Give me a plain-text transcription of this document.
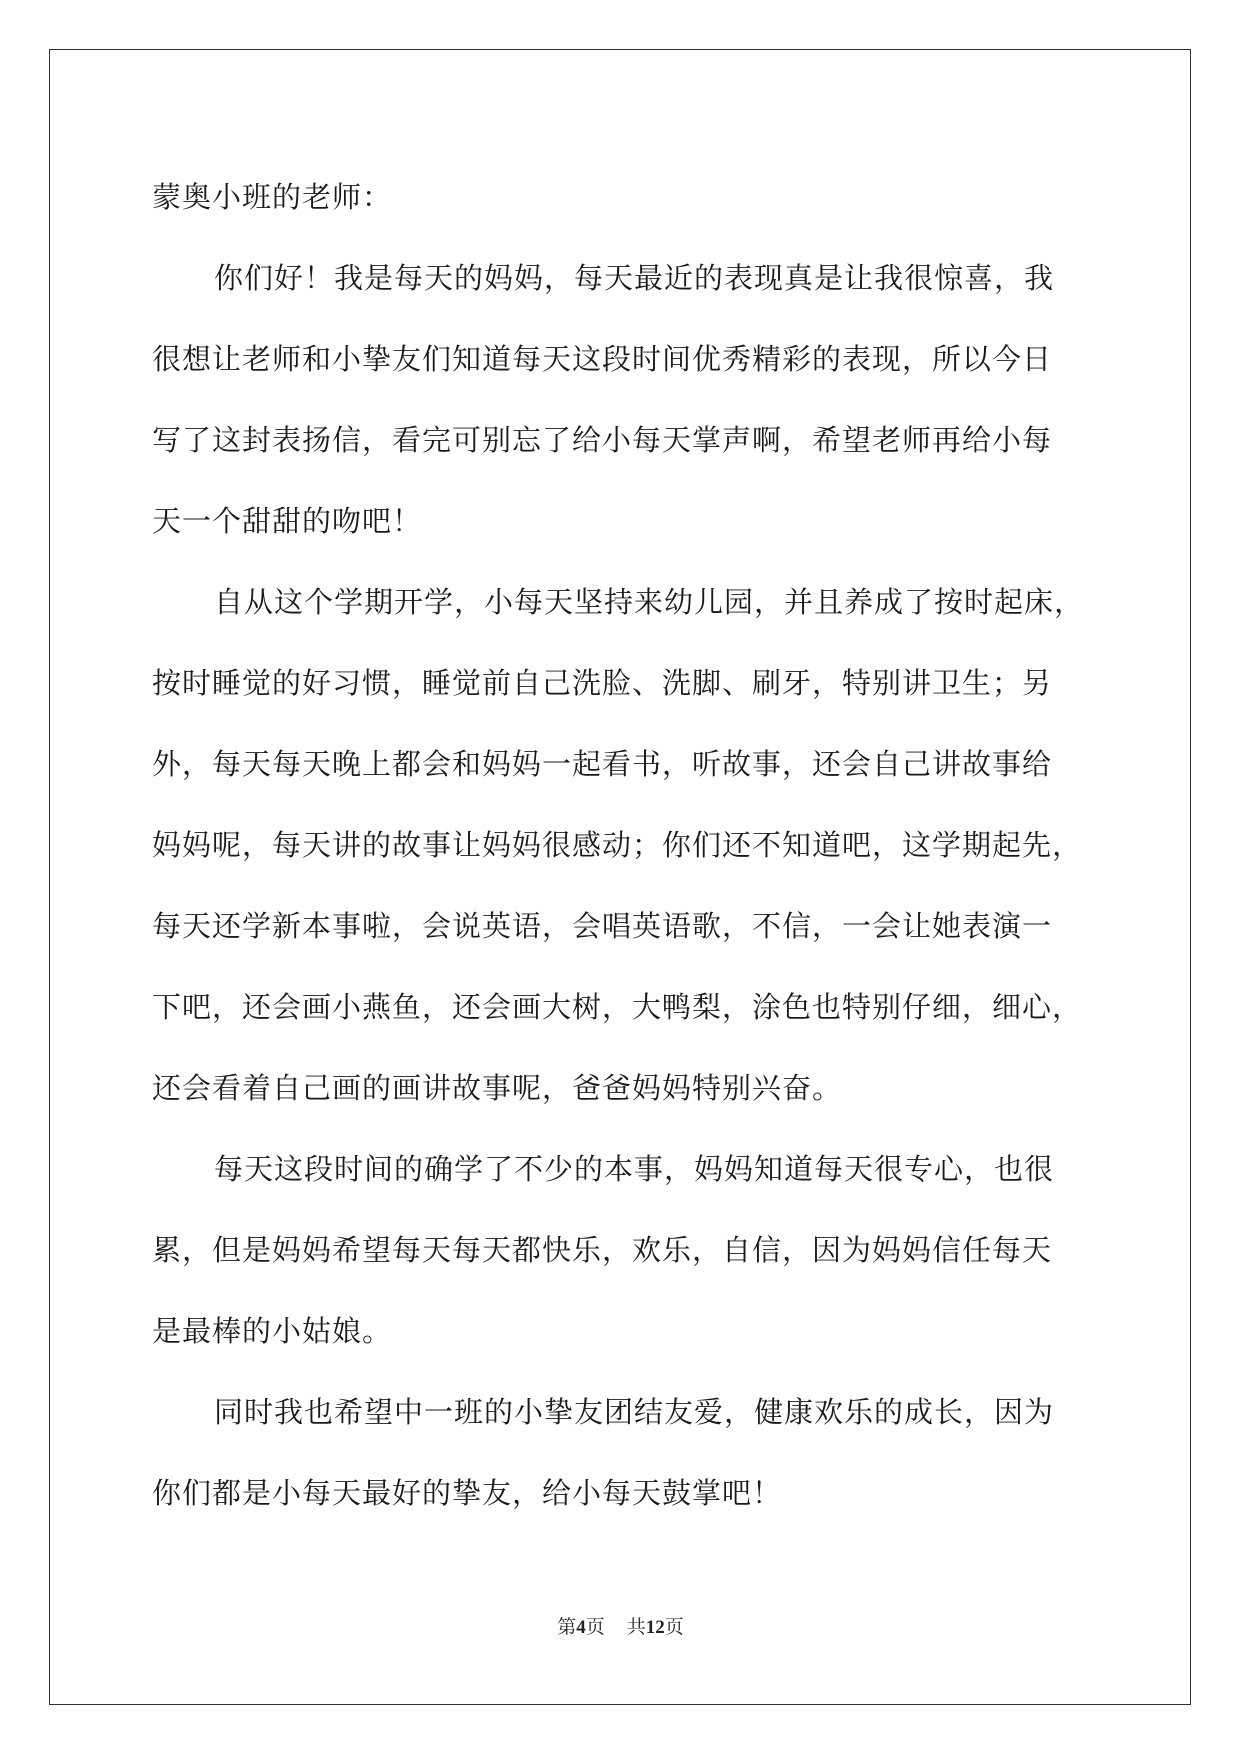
蒙奥小班的老师：
你们好！我是每天的妈妈，每天最近的表现真是让我很惊喜，我
很想让老师和小挚友们知道每天这段时间优秀精彩的表现，所以今日
写了这封表扬信，看完可别忘了给小每天掌声啊，希望老师再给小每
天一个甜甜的吻吧！
自从这个学期开学，小每天坚持来幼儿园，并且养成了按时起床，
按时睡觉的好习惯，睡觉前自己洗脸、洗脚、刷牙，特别讲卫生；另
外，每天每天晚上都会和妈妈一起看书，听故事，还会自己讲故事给
妈妈呢，每天讲的故事让妈妈很感动；你们还不知道吧，这学期起先，
每天还学新本事啦，会说英语，会唱英语歌，不信，一会让她表演一
下吧，还会画小燕鱼，还会画大树，大鸭梨，涂色也特别仔细，细心，
还会看着自己画的画讲故事呢，爸爸妈妈特别兴奋。
每天这段时间的确学了不少的本事，妈妈知道每天很专心，也很
累，但是妈妈希望每天每天都快乐，欢乐，自信，因为妈妈信任每天
是最棒的小姑娘。
同时我也希望中一班的小挚友团结友爱，健康欢乐的成长，因为
你们都是小每天最好的挚友，给小每天鼓掌吧！
第4页 共12页
